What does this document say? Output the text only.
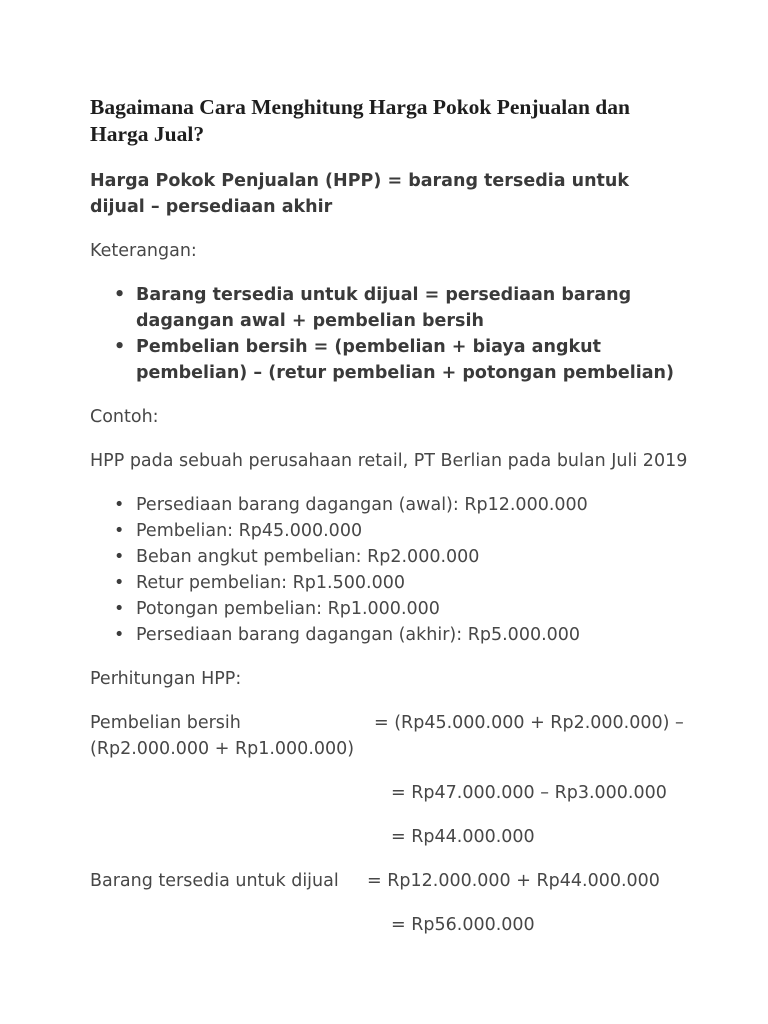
Bagaimana Cara Menghitung Harga Pokok Penjualan dan Harga Jual?

Harga Pokok Penjualan (HPP) = barang tersedia untuk dijual – persediaan akhir

Keterangan:

• Barang tersedia untuk dijual = persediaan barang dagangan awal + pembelian bersih
• Pembelian bersih = (pembelian + biaya angkut pembelian) – (retur pembelian + potongan pembelian)

Contoh:

HPP pada sebuah perusahaan retail, PT Berlian pada bulan Juli 2019

• Persediaan barang dagangan (awal): Rp12.000.000
• Pembelian: Rp45.000.000
• Beban angkut pembelian: Rp2.000.000
• Retur pembelian: Rp1.500.000
• Potongan pembelian: Rp1.000.000
• Persediaan barang dagangan (akhir): Rp5.000.000

Perhitungan HPP:

Pembelian bersih	= (Rp45.000.000 + Rp2.000.000) –
(Rp2.000.000 + Rp1.000.000)
= Rp47.000.000 – Rp3.000.000
= Rp44.000.000
Barang tersedia untuk dijual = Rp12.000.000 + Rp44.000.000
= Rp56.000.000
